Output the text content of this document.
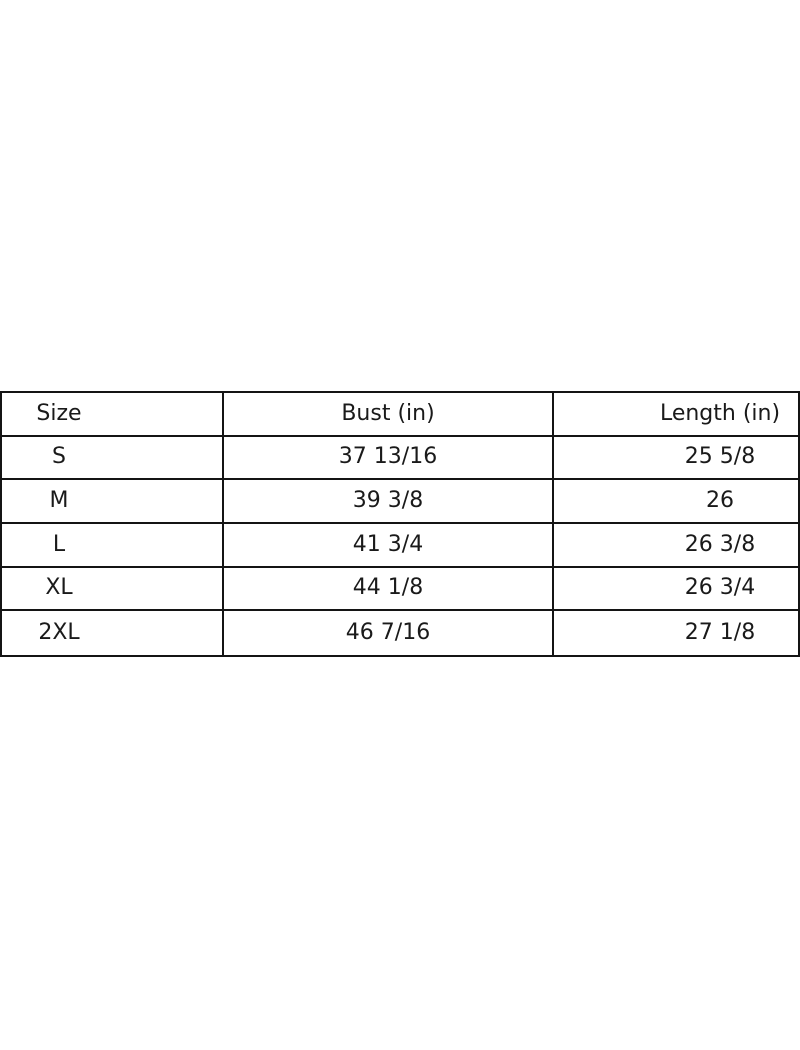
Size	Bust (in)	Length (in)
S	37 13/16	25 5/8
M	39 3/8	26
L	41 3/4	26 3/8
XL	44 1/8	26 3/4
2XL	46 7/16	27 1/8
